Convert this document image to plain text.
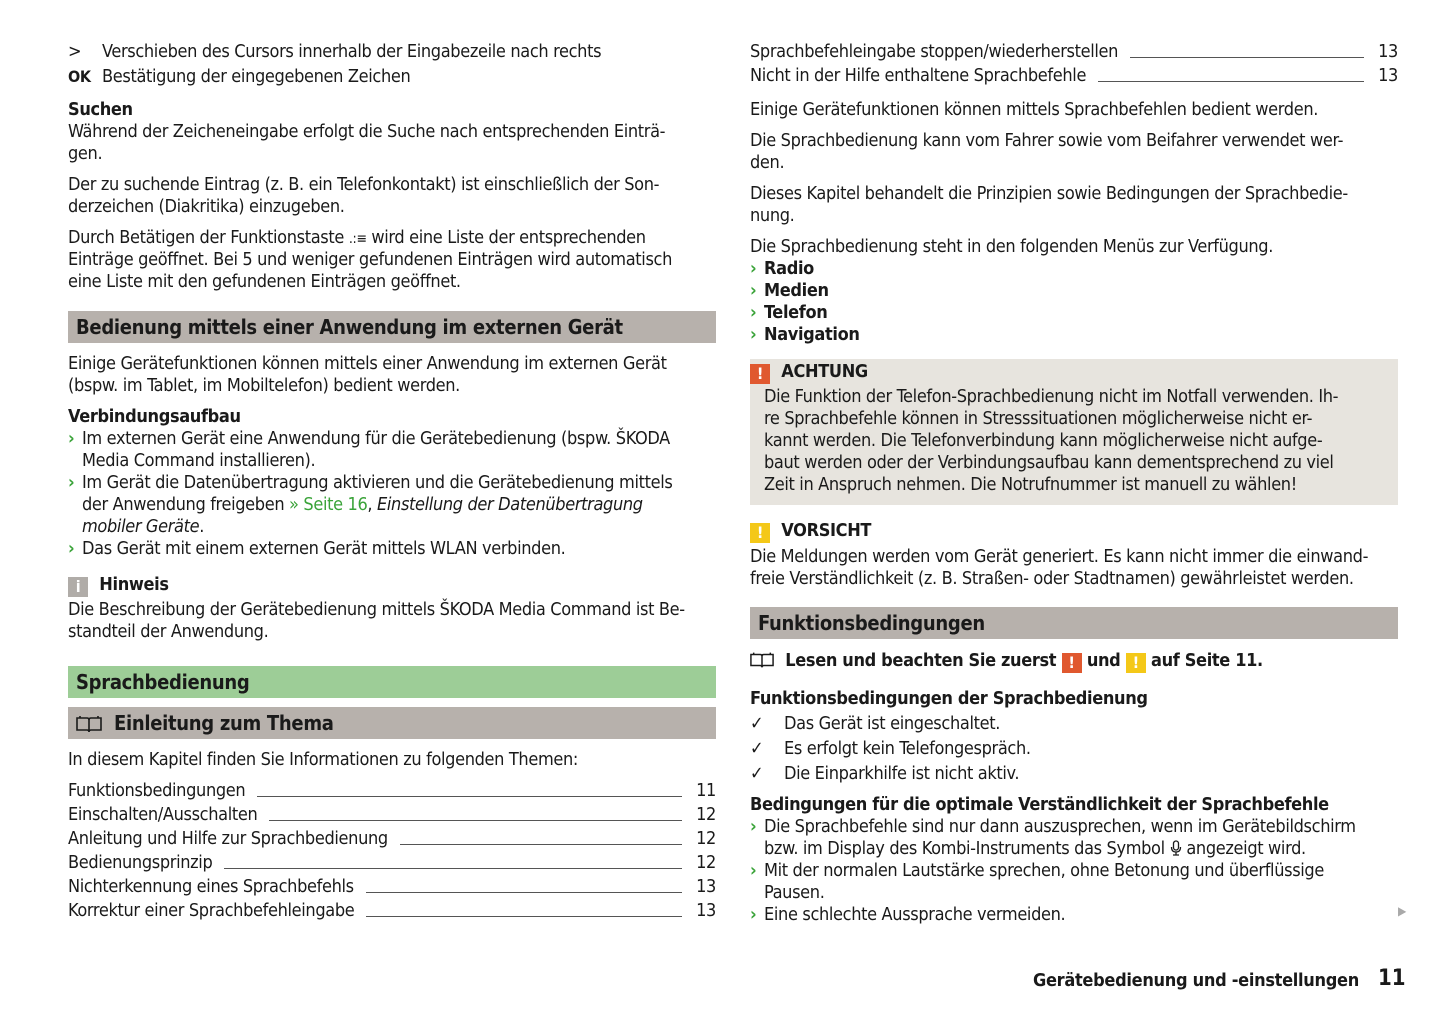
> Verschieben des Cursors innerhalb der Eingabezeile nach rechts
OK Bestätigung der eingegebenen Zeichen
Suchen
Während der Zeicheneingabe erfolgt die Suche nach entsprechenden Einträ-
gen.
Der zu suchende Eintrag (z. B. ein Telefonkontakt) ist einschließlich der Son-
derzeichen (Diakritika) einzugeben.
Durch Betätigen der Funktionstaste .:≡ wird eine Liste der entsprechenden
Einträge geöffnet. Bei 5 und weniger gefundenen Einträgen wird automatisch
eine Liste mit den gefundenen Einträgen geöffnet.
Bedienung mittels einer Anwendung im externen Gerät
Einige Gerätefunktionen können mittels einer Anwendung im externen Gerät
(bspw. im Tablet, im Mobiltelefon) bedient werden.
Verbindungsaufbau
› Im externen Gerät eine Anwendung für die Gerätebedienung (bspw. ŠKODA
Media Command installieren).
› Im Gerät die Datenübertragung aktivieren und die Gerätebedienung mittels
der Anwendung freigeben » Seite 16, Einstellung der Datenübertragung
mobiler Geräte.
› Das Gerät mit einem externen Gerät mittels WLAN verbinden.
i Hinweis
Die Beschreibung der Gerätebedienung mittels ŠKODA Media Command ist Be-
standteil der Anwendung.
Sprachbedienung
Einleitung zum Thema
In diesem Kapitel finden Sie Informationen zu folgenden Themen:
Funktionsbedingungen	11
Einschalten/Ausschalten	12
Anleitung und Hilfe zur Sprachbedienung	12
Bedienungsprinzip	12
Nichterkennung eines Sprachbefehls	13
Korrektur einer Sprachbefehleingabe	13
Sprachbefehleingabe stoppen/wiederherstellen	13
Nicht in der Hilfe enthaltene Sprachbefehle	13
Einige Gerätefunktionen können mittels Sprachbefehlen bedient werden.
Die Sprachbedienung kann vom Fahrer sowie vom Beifahrer verwendet wer-
den.
Dieses Kapitel behandelt die Prinzipien sowie Bedingungen der Sprachbedie-
nung.
Die Sprachbedienung steht in den folgenden Menüs zur Verfügung.
› Radio
› Medien
› Telefon
› Navigation
! ACHTUNG
Die Funktion der Telefon-Sprachbedienung nicht im Notfall verwenden. Ih-
re Sprachbefehle können in Stresssituationen möglicherweise nicht er-
kannt werden. Die Telefonverbindung kann möglicherweise nicht aufge-
baut werden oder der Verbindungsaufbau kann dementsprechend zu viel
Zeit in Anspruch nehmen. Die Notrufnummer ist manuell zu wählen!
! VORSICHT
Die Meldungen werden vom Gerät generiert. Es kann nicht immer die einwand-
freie Verständlichkeit (z. B. Straßen- oder Stadtnamen) gewährleistet werden.
Funktionsbedingungen
Lesen und beachten Sie zuerst ! und ! auf Seite 11.
Funktionsbedingungen der Sprachbedienung
✓ Das Gerät ist eingeschaltet.
✓ Es erfolgt kein Telefongespräch.
✓ Die Einparkhilfe ist nicht aktiv.
Bedingungen für die optimale Verständlichkeit der Sprachbefehle
› Die Sprachbefehle sind nur dann auszusprechen, wenn im Gerätebildschirm
bzw. im Display des Kombi-Instruments das Symbol angezeigt wird.
› Mit der normalen Lautstärke sprechen, ohne Betonung und überflüssige
Pausen.
› Eine schlechte Aussprache vermeiden.	▶
Gerätebedienung und -einstellungen 11
